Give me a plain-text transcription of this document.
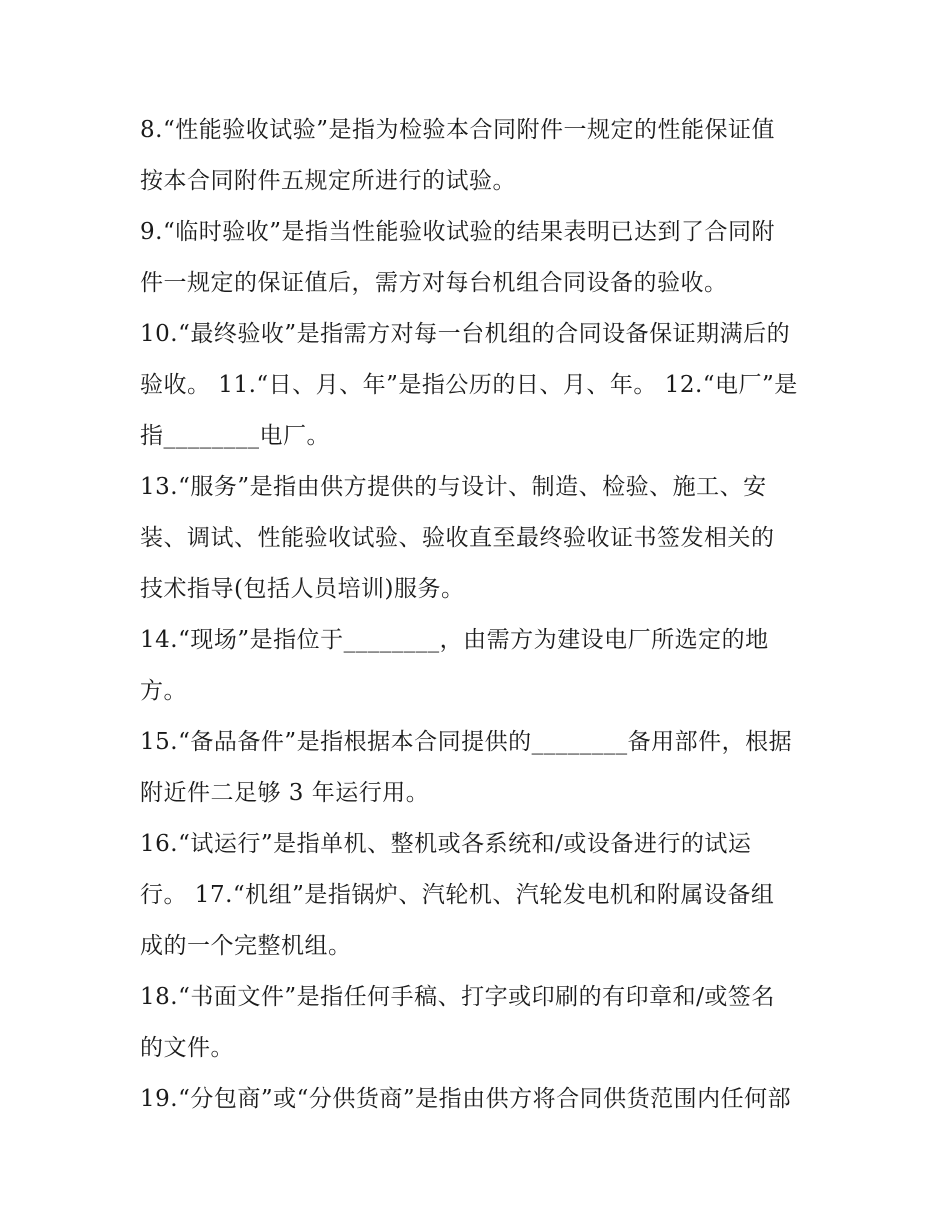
8.“性能验收试验”是指为检验本合同附件一规定的性能保证值
按本合同附件五规定所进行的试验。
9.“临时验收”是指当性能验收试验的结果表明已达到了合同附
件一规定的保证值后，需方对每台机组合同设备的验收。
10.“最终验收”是指需方对每一台机组的合同设备保证期满后的
验收。 11.“日、月、年”是指公历的日、月、年。 12.“电厂”是
指________电厂。
13.“服务”是指由供方提供的与设计、制造、检验、施工、安
装、调试、性能验收试验、验收直至最终验收证书签发相关的
技术指导(包括人员培训)服务。
14.“现场”是指位于________，由需方为建设电厂所选定的地
方。
15.“备品备件”是指根据本合同提供的________备用部件，根据
附近件二足够 3 年运行用。
16.“试运行”是指单机、整机或各系统和/或设备进行的试运
行。 17.“机组”是指锅炉、汽轮机、汽轮发电机和附属设备组
成的一个完整机组。
18.“书面文件”是指任何手稿、打字或印刷的有印章和/或签名
的文件。
19.“分包商”或“分供货商”是指由供方将合同供货范围内任何部
